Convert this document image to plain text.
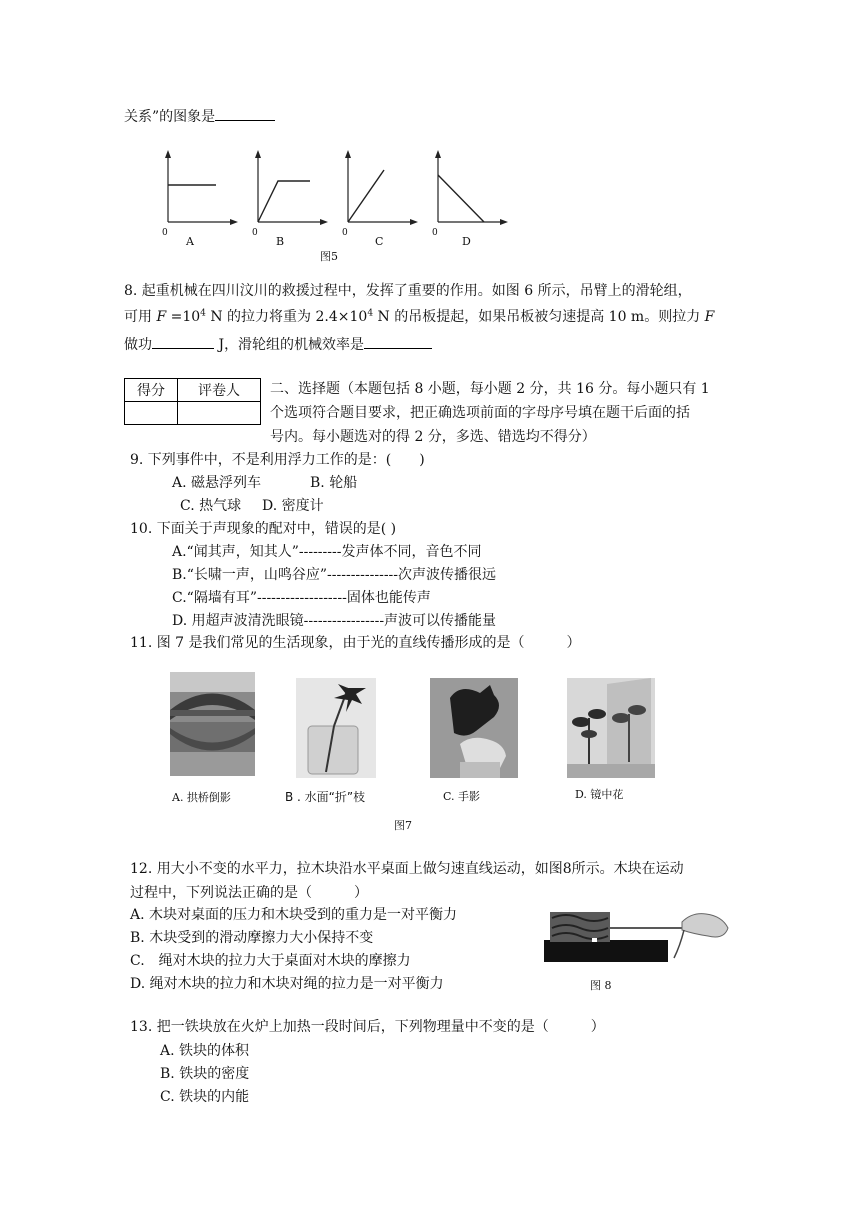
关系”的图象是
0	0	0	0
A	B	C	D
图5
8. 起重机械在四川汶川的救援过程中，发挥了重要的作用。如图 6 所示，吊臂上的滑轮组，
可用 $F =10^4$ N 的拉力将重为 $2.4\times 10^4$ N 的吊板提起，如果吊板被匀速提高 10 m。则拉力 F
做功	J，滑轮组的机械效率是
得分	评卷人
	二、选择题（本题包括 8 小题，每小题 2 分，共 16 分。每小题只有 1
个选项符合题目要求，把正确选项前面的字母序号填在题干后面的括
号内。每小题选对的得 2 分，多选、错选均不得分）
9. 下列事件中，不是利用浮力工作的是：(　　)
A. 磁悬浮列车	B. 轮船
C. 热气球 D. 密度计
10. 下面关于声现象的配对中，错误的是( )
A.“闻其声，知其人”---------发声体不同，音色不同
B.“长啸一声，山鸣谷应”---------------次声波传播很远
C.“隔墙有耳”-------------------固体也能传声
D. 用超声波清洗眼镜-----------------声波可以传播能量
11. 图 7 是我们常见的生活现象，由于光的直线传播形成的是（　　　）
A. 拱桥倒影	B . 水面“折”枝	C. 手影	D. 镜中花
图7
12. 用大小不变的水平力，拉木块沿水平桌面上做匀速直线运动，如图8所示。木块在运动
过程中，下列说法正确的是（　　　）
A. 木块对桌面的压力和木块受到的重力是一对平衡力
B. 木块受到的滑动摩擦力大小保持不变
C.　绳对木块的拉力大于桌面对木块的摩擦力
D. 绳对木块的拉力和木块对绳的拉力是一对平衡力	图 8
13. 把一铁块放在火炉上加热一段时间后，下列物理量中不变的是（　　　）
A. 铁块的体积
B. 铁块的密度
C. 铁块的内能
